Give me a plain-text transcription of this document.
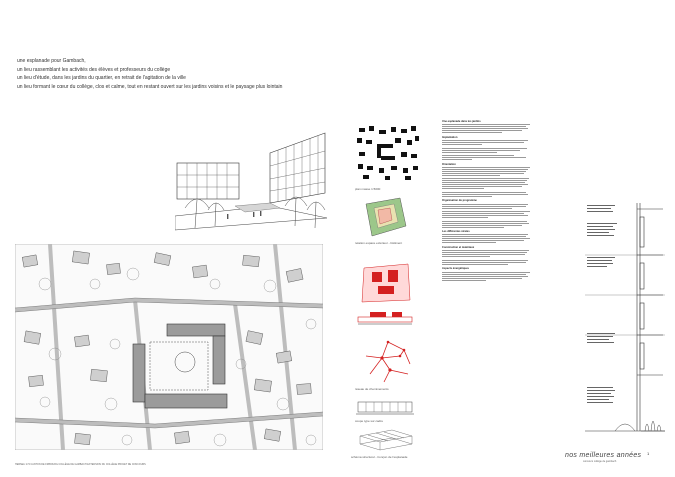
une esplanade pour Gambach,
un lieu rassemblant les activités des élèves et professeurs du collège
un lieu d'étude, dans les jardins du quartier, en retrait de l'agitation de la ville
un lieu formant le cœur du collège, clos et calme, tout en restant ouvert sur les jardins voisins et le paysage plus lointain
plan masse 1:5000
relation espace extérieur - bâtiment
réseau de cheminements
coupe type sur cadre
schéma structurel - tronçon de l'esplanade
Une esplanade dans les jardins
Implantation
Orientation
Organisation du programme
Les différentes strates
Construction et matériaux
Aspects énergétiques
nos meilleures années
concours collège de gambach
1
HERSELI 174 CANTON DE FRIBOURG COLLÈGE DE GAMBACH EXTENSION DU COLLÈGE PROJET DE CONCOURS
